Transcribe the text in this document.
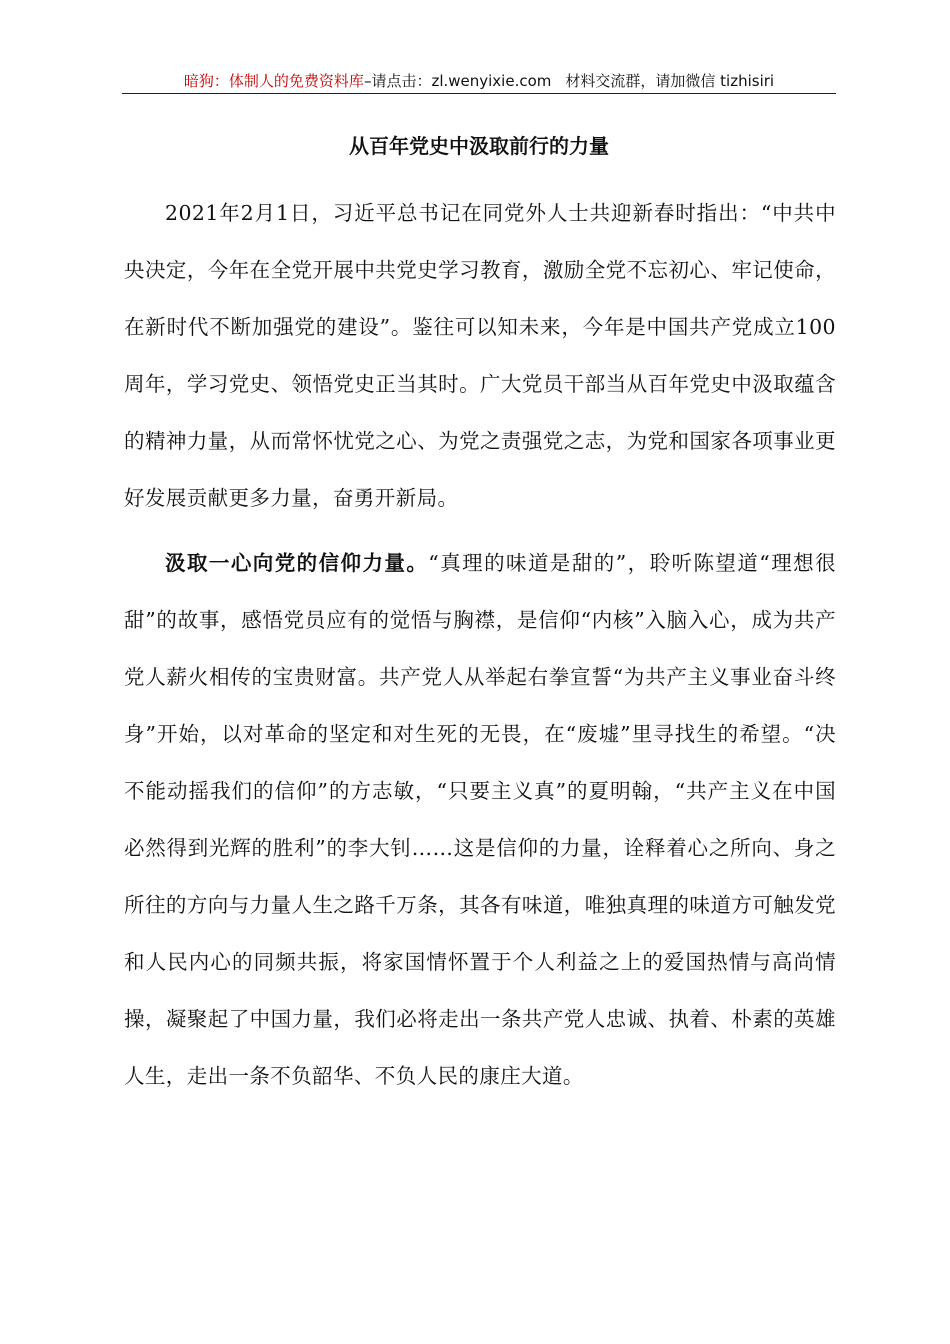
暗狗：体制人的免费资料库–请点击：zl.wenyixie.com 材料交流群，请加微信 tizhisiri
从百年党史中汲取前行的力量

2021年2月1日，习近平总书记在同党外人士共迎新春时指出：“中共中央决定，今年在全党开展中共党史学习教育，激励全党不忘初心、牢记使命，在新时代不断加强党的建设”。鉴往可以知未来，今年是中国共产党成立100周年，学习党史、领悟党史正当其时。广大党员干部当从百年党史中汲取蕴含的精神力量，从而常怀忧党之心、为党之责强党之志，为党和国家各项事业更好发展贡献更多力量，奋勇开新局。

汲取一心向党的信仰力量。“真理的味道是甜的”，聆听陈望道“理想很甜”的故事，感悟党员应有的觉悟与胸襟，是信仰“内核”入脑入心，成为共产党人薪火相传的宝贵财富。共产党人从举起右拳宣誓“为共产主义事业奋斗终身”开始，以对革命的坚定和对生死的无畏，在“废墟”里寻找生的希望。“决不能动摇我们的信仰”的方志敏，“只要主义真”的夏明翰，“共产主义在中国必然得到光辉的胜利”的李大钊……这是信仰的力量，诠释着心之所向、身之所往的方向与力量人生之路千万条，其各有味道，唯独真理的味道方可触发党和人民内心的同频共振，将家国情怀置于个人利益之上的爱国热情与高尚情操，凝聚起了中国力量，我们必将走出一条共产党人忠诚、执着、朴素的英雄人生，走出一条不负韶华、不负人民的康庄大道。
